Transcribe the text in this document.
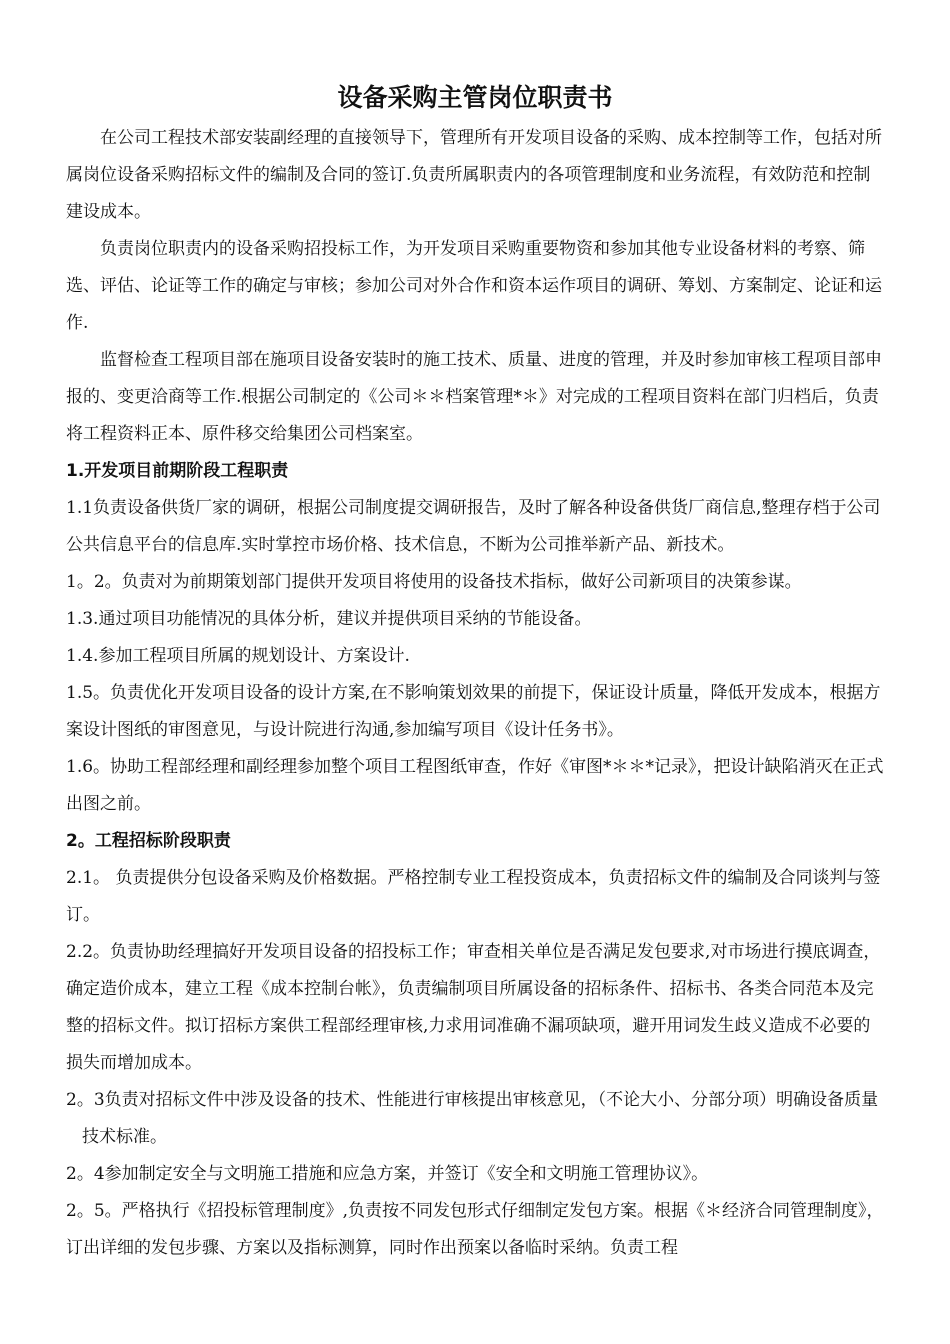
设备采购主管岗位职责书

在公司工程技术部安装副经理的直接领导下，管理所有开发项目设备的采购、成本控制等工作，包括对所属岗位设备采购招标文件的编制及合同的签订.负责所属职责内的各项管理制度和业务流程，有效防范和控制建设成本。

负责岗位职责内的设备采购招投标工作，为开发项目采购重要物资和参加其他专业设备材料的考察、筛选、评估、论证等工作的确定与审核；参加公司对外合作和资本运作项目的调研、筹划、方案制定、论证和运作.

监督检查工程项目部在施项目设备安装时的施工技术、质量、进度的管理，并及时参加审核工程项目部申报的、变更洽商等工作.根据公司制定的《公司＊＊档案管理*＊》对完成的工程项目资料在部门归档后，负责将工程资料正本、原件移交给集团公司档案室。

1.开发项目前期阶段工程职责

1.1负责设备供货厂家的调研，根据公司制度提交调研报告，及时了解各种设备供货厂商信息,整理存档于公司公共信息平台的信息库.实时掌控市场价格、技术信息，不断为公司推举新产品、新技术。

1。2。负责对为前期策划部门提供开发项目将使用的设备技术指标，做好公司新项目的决策参谋。

1.3.通过项目功能情况的具体分析，建议并提供项目采纳的节能设备。

1.4.参加工程项目所属的规划设计、方案设计.

1.5。负责优化开发项目设备的设计方案,在不影响策划效果的前提下，保证设计质量，降低开发成本，根据方案设计图纸的审图意见，与设计院进行沟通,参加编写项目《设计任务书》。

1.6。协助工程部经理和副经理参加整个项目工程图纸审查，作好《审图*＊＊*记录》，把设计缺陷消灭在正式出图之前。

2。工程招标阶段职责

2.1。 负责提供分包设备采购及价格数据。严格控制专业工程投资成本，负责招标文件的编制及合同谈判与签订。

2.2。负责协助经理搞好开发项目设备的招投标工作；审查相关单位是否满足发包要求,对市场进行摸底调查，确定造价成本，建立工程《成本控制台帐》，负责编制项目所属设备的招标条件、招标书、各类合同范本及完整的招标文件。拟订招标方案供工程部经理审核,力求用词准确不漏项缺项，避开用词发生歧义造成不必要的损失而增加成本。

2。3负责对招标文件中涉及设备的技术、性能进行审核提出审核意见，（不论大小、分部分项）明确设备质量技术标准。

2。4参加制定安全与文明施工措施和应急方案，并签订《安全和文明施工管理协议》。

2。5。严格执行《招投标管理制度》,负责按不同发包形式仔细制定发包方案。根据《＊经济合同管理制度》，订出详细的发包步骤、方案以及指标测算，同时作出预案以备临时采纳。负责工程
